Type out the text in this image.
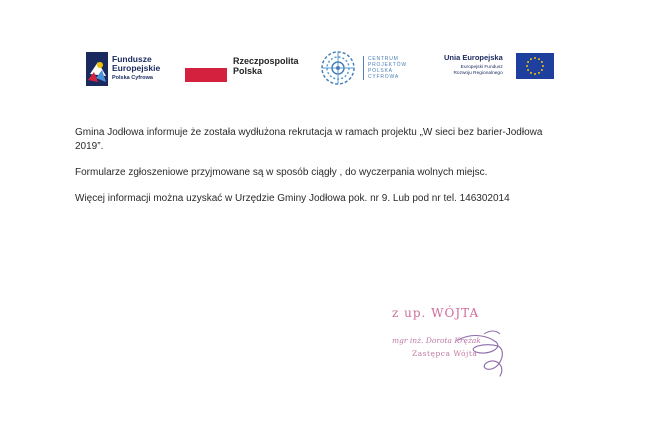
Fundusze
Europejskie
Polska Cyfrowa
Rzeczpospolita
Polska
CENTRUM
PROJEKTÓW
POLSKA
CYFROWA
Unia Europejska
Europejski Fundusz
Rozwoju Regionalnego

Gmina Jodłowa informuje że została wydłużona rekrutacja w ramach projektu „W sieci bez barier-Jodłowa 2019”.

Formularze zgłoszeniowe przyjmowane są w sposób ciągły , do wyczerpania wolnych miejsc.

Więcej informacji można uzyskać w Urzędzie Gminy Jodłowa pok. nr 9. Lub pod nr tel. 146302014

z up. WÓJTA
mgr inż. Dorota Krężak
Zastępca Wójta
